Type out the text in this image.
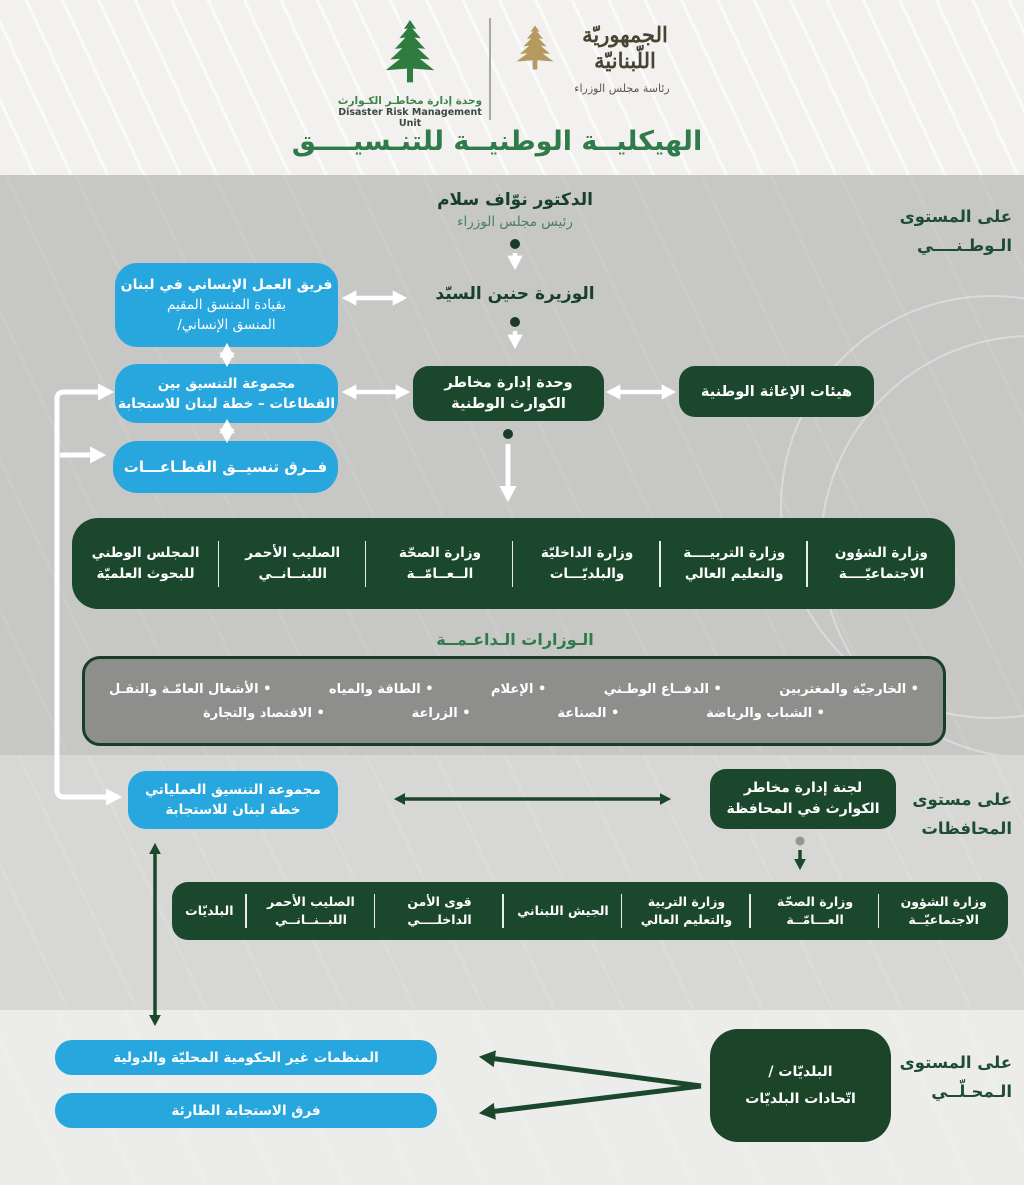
وحدة إدارة مخاطـر الكـوارث
Disaster Risk Management Unit
الجمهوريّة
اللّبنانيّة
رئاسة مجلس الوزراء
الهيكليــة الوطنيــة للتنـسيــــق
على المستوى
الـوطـنــــي
على مستوى
المحافظات
على المستوى
الـمحـلّــي
الدكتور نوّاف سلام
رئيس مجلس الوزراء
الوزيرة حنين السيّد
فريق العمل الإنساني في لبنان
بقيادة المنسق المقيم
المنسق الإنساني/
مجموعة التنسيق بين
القطاعات – خطة لبنان للاستجابة
فــرق تنسيــق القطـاعـــات
وحدة إدارة مخاطر
الكوارث الوطنية
هيئات الإغاثة الوطنية
وزارة الشؤون
الاجتماعيّــــة
وزارة التربيــــة
والتعليم العالي
وزارة الداخليّة
والبلديّـــات
وزارة الصحّة
الــعــامّــة
الصليب الأحمر
اللبنــانــي
المجلس الوطني
للبحوث العلميّة
الـوزارات الـداعـمــة
• الخارجيّة والمغتربين
• الدفــاع الوطـني
• الإعلام
• الطاقة والمياه
• الأشغال العامّـة والنقـل
• الشباب والرياضة
• الصناعة
• الزراعة
• الاقتصاد والتجارة
مجموعة التنسيق العملياتي
خطة لبنان للاستجابة
لجنة إدارة مخاطر
الكوارث في المحافظة
وزارة الشؤون
الاجتماعيّــة
وزارة الصحّة
العـــامّــة
وزارة التربية
والتعليم العالي
الجيش اللبناني
قوى الأمن
الداخلــــي
الصليب الأحمر
اللبــنــانــي
البلديّات
المنظمات غير الحكومية المحليّة والدولية
فرق الاستجابة الطارئة
البلديّات /
اتّحادات البلديّات
